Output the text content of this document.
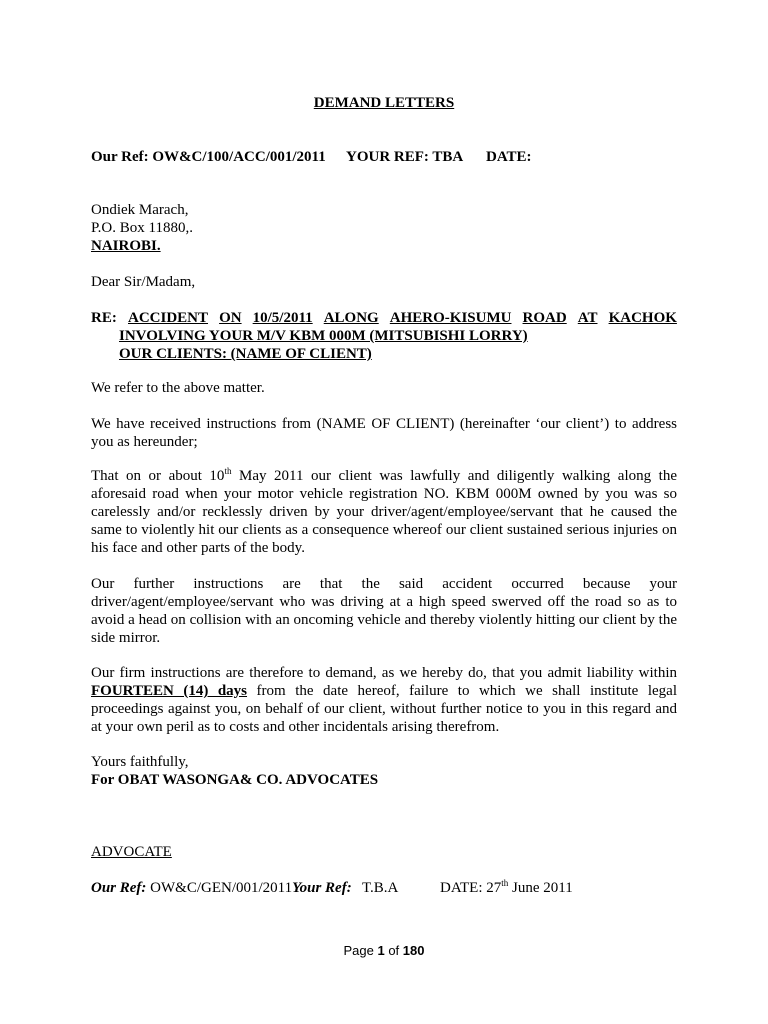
DEMAND LETTERS
Our Ref: OW&C/100/ACC/001/2011 YOUR REF: TBA DATE:
Ondiek Marach,
P.O. Box 11880,.
NAIROBI.
Dear Sir/Madam,
RE: ACCIDENT ON 10/5/2011 ALONG AHERO-KISUMU ROAD AT KACHOK
INVOLVING YOUR M/V KBM 000M (MITSUBISHI LORRY)
OUR CLIENTS: (NAME OF CLIENT)
We refer to the above matter.
We have received instructions from (NAME OF CLIENT) (hereinafter ‘our client’) to address you as hereunder;
That on or about 10th May 2011 our client was lawfully and diligently walking along the aforesaid road when your motor vehicle registration NO. KBM 000M owned by you was so carelessly and/or recklessly driven by your driver/agent/employee/servant that he caused the same to violently hit our clients as a consequence whereof our client sustained serious injuries on his face and other parts of the body.
Our further instructions are that the said accident occurred because your driver/agent/employee/servant who was driving at a high speed swerved off the road so as to avoid a head on collision with an oncoming vehicle and thereby violently hitting our client by the side mirror.
Our firm instructions are therefore to demand, as we hereby do, that you admit liability within FOURTEEN (14) days from the date hereof, failure to which we shall institute legal proceedings against you, on behalf of our client, without further notice to you in this regard and at your own peril as to costs and other incidentals arising therefrom.
Yours faithfully,
For OBAT WASONGA& CO. ADVOCATES
ADVOCATE
Our Ref: OW&C/GEN/001/2011Your Ref: T.B.A	DATE: 27th June 2011
Page 1 of 180
